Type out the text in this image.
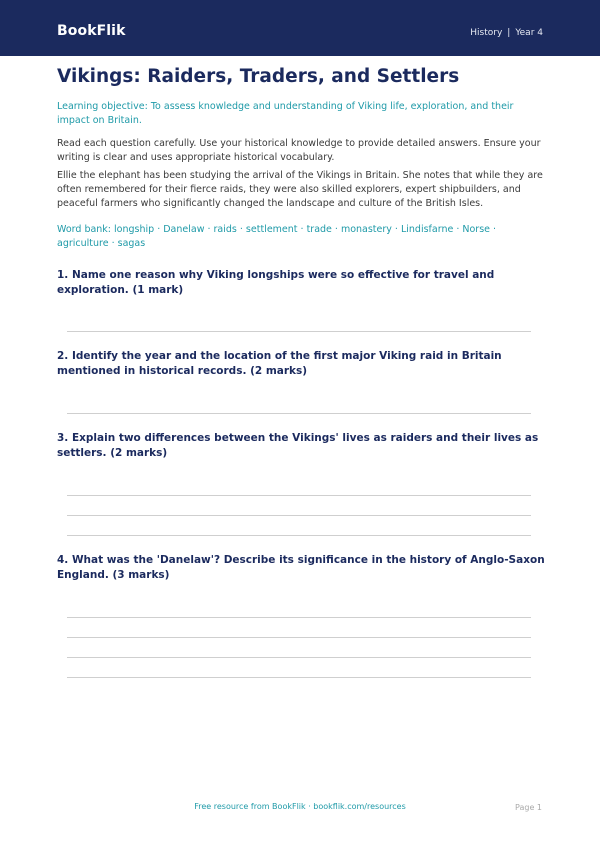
BookFlik	History | Year 4
Vikings: Raiders, Traders, and Settlers
Learning objective: To assess knowledge and understanding of Viking life, exploration, and their impact on Britain.
Read each question carefully. Use your historical knowledge to provide detailed answers. Ensure your writing is clear and uses appropriate historical vocabulary.
Ellie the elephant has been studying the arrival of the Vikings in Britain. She notes that while they are often remembered for their fierce raids, they were also skilled explorers, expert shipbuilders, and peaceful farmers who significantly changed the landscape and culture of the British Isles.
Word bank: longship · Danelaw · raids · settlement · trade · monastery · Lindisfarne · Norse · agriculture · sagas
1. Name one reason why Viking longships were so effective for travel and exploration. (1 mark)
2. Identify the year and the location of the first major Viking raid in Britain mentioned in historical records. (2 marks)
3. Explain two differences between the Vikings' lives as raiders and their lives as settlers. (2 marks)
4. What was the 'Danelaw'? Describe its significance in the history of Anglo-Saxon England. (3 marks)
Free resource from BookFlik · bookflik.com/resources	Page 1
